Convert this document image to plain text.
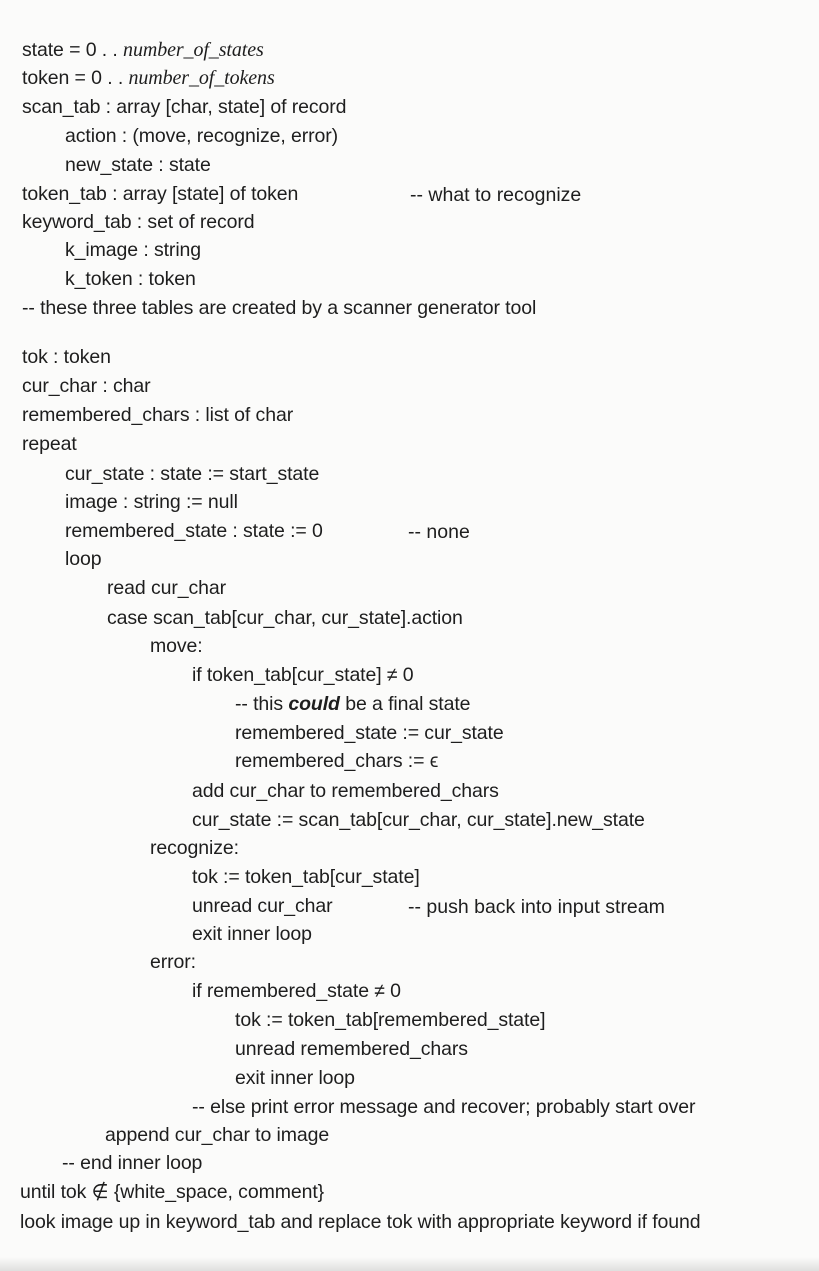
state = 0 . . number_of_states
token = 0 . . number_of_tokens
scan_tab : array [char, state] of record
action : (move, recognize, error)
new_state : state
token_tab : array [state] of token	-- what to recognize
keyword_tab : set of record
k_image : string
k_token : token
-- these three tables are created by a scanner generator tool
tok : token
cur_char : char
remembered_chars : list of char
repeat
cur_state : state := start_state
image : string := null
remembered_state : state := 0	-- none
loop
read cur_char
case scan_tab[cur_char, cur_state].action
move:
if token_tab[cur_state] ≠ 0
-- this could be a final state
remembered_state := cur_state
remembered_chars := ϵ
add cur_char to remembered_chars
cur_state := scan_tab[cur_char, cur_state].new_state
recognize:
tok := token_tab[cur_state]
unread cur_char	-- push back into input stream
exit inner loop
error:
if remembered_state ≠ 0
tok := token_tab[remembered_state]
unread remembered_chars
exit inner loop
-- else print error message and recover; probably start over
append cur_char to image
-- end inner loop
until tok ∉ {white_space, comment}
look image up in keyword_tab and replace tok with appropriate keyword if found
